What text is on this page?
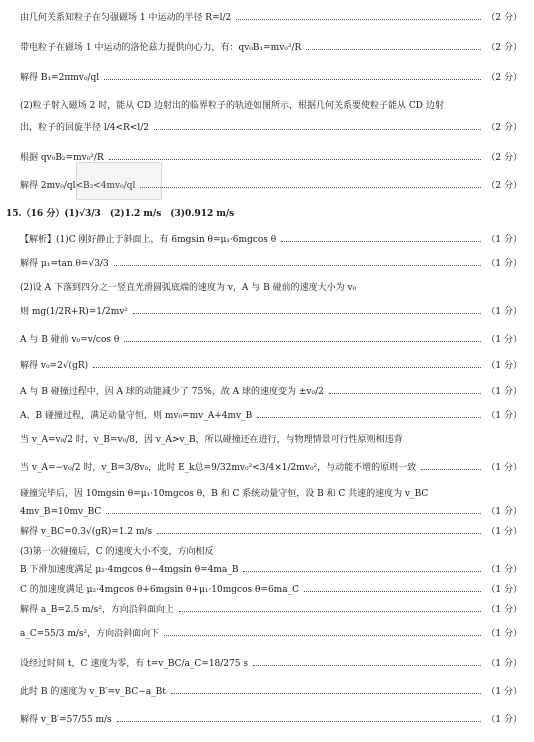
由几何关系知粒子在匀强磁场 1 中运动的半径 R=l/2	（2 分）
带电粒子在磁场 1 中运动的洛伦兹力提供向心力，有：qv₀B₁=mv₀²/R	（2 分）
解得 B₁=2πmv₀/ql	（2 分）
(2)粒子射入磁场 2 时，能从 CD 边射出的临界粒子的轨迹如图所示，根据几何关系要使粒子能从 CD 边射
出，粒子的回旋半径 l/4<R<l/2	（2 分）
根据 qv₀B₂=mv₀²/R	（2 分）
解得 2mv₀/ql<B₂<4mv₀/ql	（2 分）
15.（16 分）(1)√3/3　(2)1.2 m/s　(3)0.912 m/s
【解析】(1)C 刚好静止于斜面上，有 6mgsin θ=μ₁·6mgcos θ	（1 分）
解得 μ₁=tan θ=√3/3	（1 分）
(2)设 A 下落到四分之一竖直光滑圆弧底端的速度为 v，A 与 B 碰前的速度大小为 v₀
则 mg(1/2R+R)=1/2mv²	（1 分）
A 与 B 碰前 v₀=v/cos θ	（1 分）
解得 v₀=2√(gR)	（1 分）
A 与 B 碰撞过程中，因 A 球的动能减少了 75%，故 A 球的速度变为 ±v₀/2	（1 分）
A、B 碰撞过程，满足动量守恒，则 mv₀=mv_A+4mv_B	（1 分）
当 v_A=v₀/2 时，v_B=v₀/8，因 v_A>v_B，所以碰撞还在进行，与物理情景可行性原则相违背
当 v_A=−v₀/2 时，v_B=3/8v₀，此时 E_k总=9/32mv₀²<3/4×1/2mv₀²，与动能不增的原则一致	（1 分）
碰撞完毕后，因 10mgsin θ=μ₁·10mgcos θ，B 和 C 系统动量守恒，设 B 和 C 共速的速度为 v_BC
4mv_B=10mv_BC	（1 分）
解得 v_BC=0.3√(gR)=1.2 m/s	（1 分）
(3)第一次碰撞后，C 的速度大小不变，方向相反
B 下滑加速度满足 μ₂·4mgcos θ−4mgsin θ=4ma_B	（1 分）
C 的加速度满足 μ₂·4mgcos θ+6mgsin θ+μ₁·10mgcos θ=6ma_C	（1 分）
解得 a_B=2.5 m/s²，方向沿斜面向上	（1 分）
a_C=55/3 m/s²，方向沿斜面向下	（1 分）
设经过时间 t，C 速度为零，有 t=v_BC/a_C=18/275 s	（1 分）
此时 B 的速度为 v_B′=v_BC−a_Bt	（1 分）
解得 v_B′=57/55 m/s	（1 分）
